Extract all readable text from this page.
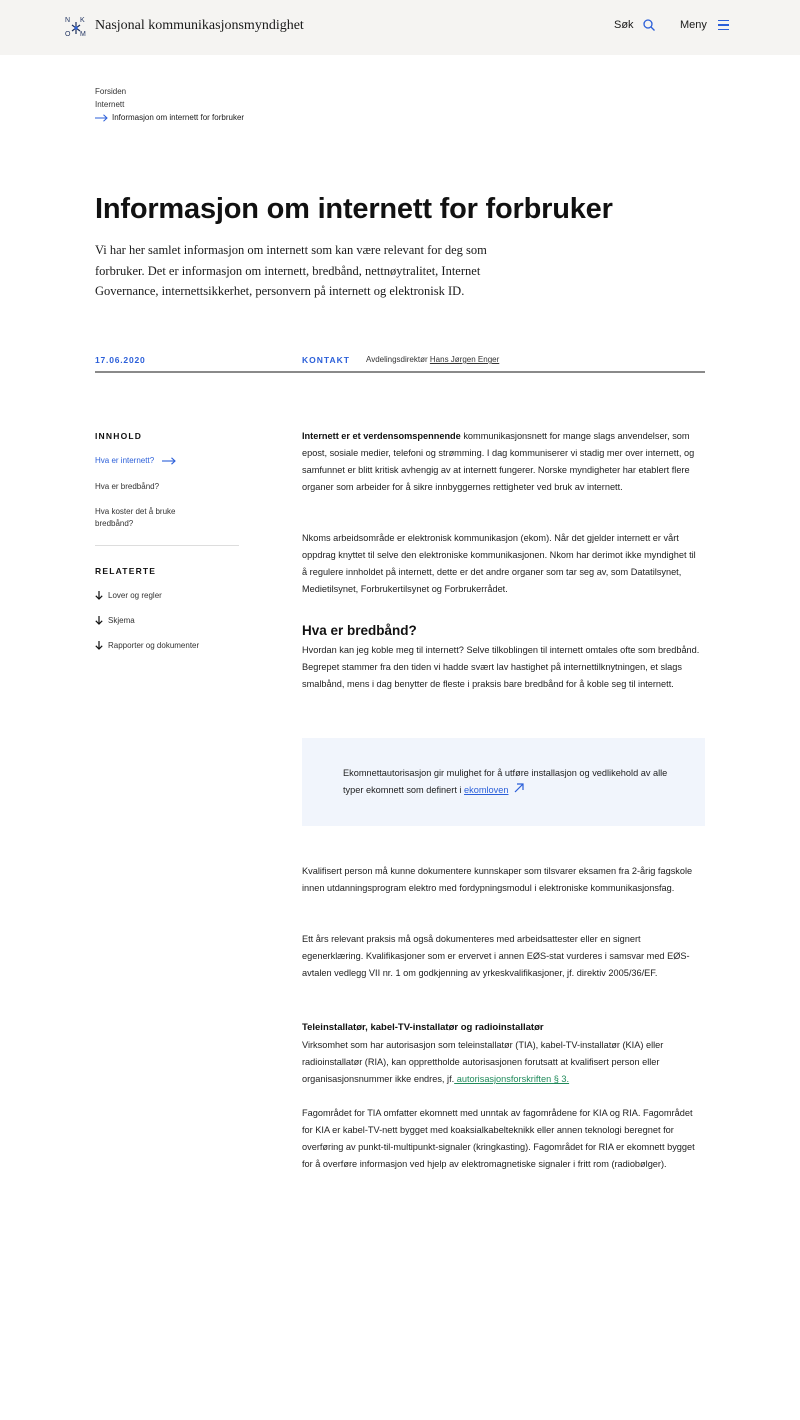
N K
O M
Nasjonal kommunikasjonsmyndighet	Søk	Meny
Forsiden
Internett
Informasjon om internett for forbruker
Informasjon om internett for forbruker

Vi har her samlet informasjon om internett som kan være relevant for deg som forbruker. Det er informasjon om internett, bredbånd, nettnøytralitet, Internet Governance, internettsikkerhet, personvern på internett og elektronisk ID.

17.06.2020	KONTAKT Avdelingsdirektør Hans Jørgen Enger
INNHOLD
Hva er internett?
Hva er bredbånd?
Hva koster det å bruke bredbånd?
RELATERTE
Lover og regler
Skjema
Rapporter og dokumenter

Internett er et verdensomspennende kommunikasjonsnett for mange slags anvendelser, som epost, sosiale medier, telefoni og strømming. I dag kommuniserer vi stadig mer over internett, og samfunnet er blitt kritisk avhengig av at internett fungerer. Norske myndigheter har etablert flere organer som arbeider for å sikre innbyggernes rettigheter ved bruk av internett.

Nkoms arbeidsområde er elektronisk kommunikasjon (ekom). Når det gjelder internett er vårt oppdrag knyttet til selve den elektroniske kommunikasjonen. Nkom har derimot ikke myndighet til å regulere innholdet på internett, dette er det andre organer som tar seg av, som Datatilsynet, Medietilsynet, Forbrukertilsynet og Forbrukerrådet.

Hva er bredbånd?

Hvordan kan jeg koble meg til internett? Selve tilkoblingen til internett omtales ofte som bredbånd. Begrepet stammer fra den tiden vi hadde svært lav hastighet på internettilknytningen, et slags smalbånd, mens i dag benytter de fleste i praksis bare bredbånd for å koble seg til internett.

Ekomnettautorisasjon gir mulighet for å utføre installasjon og vedlikehold av alle typer ekomnett som definert i ekomloven

Kvalifisert person må kunne dokumentere kunnskaper som tilsvarer eksamen fra 2-årig fagskole innen utdanningsprogram elektro med fordypningsmodul i elektroniske kommunikasjonsfag.

Ett års relevant praksis må også dokumenteres med arbeidsattester eller en signert egenerklæring. Kvalifikasjoner som er ervervet i annen EØS-stat vurderes i samsvar med EØS-avtalen vedlegg VII nr. 1 om godkjenning av yrkeskvalifikasjoner, jf. direktiv 2005/36/EF.

Teleinstallatør, kabel-TV-installatør og radioinstallatør

Virksomhet som har autorisasjon som teleinstallatør (TIA), kabel-TV-installatør (KIA) eller radioinstallatør (RIA), kan opprettholde autorisasjonen forutsatt at kvalifisert person eller organisasjonsnummer ikke endres, jf. autorisasjonsforskriften § 3.

Fagområdet for TIA omfatter ekomnett med unntak av fagområdene for KIA og RIA. Fagområdet for KIA er kabel-TV-nett bygget med koaksialkabelteknikk eller annen teknologi beregnet for overføring av punkt-til-multipunkt-signaler (kringkasting). Fagområdet for RIA er ekomnett bygget for å overføre informasjon ved hjelp av elektromagnetiske signaler i fritt rom (radiobølger).
